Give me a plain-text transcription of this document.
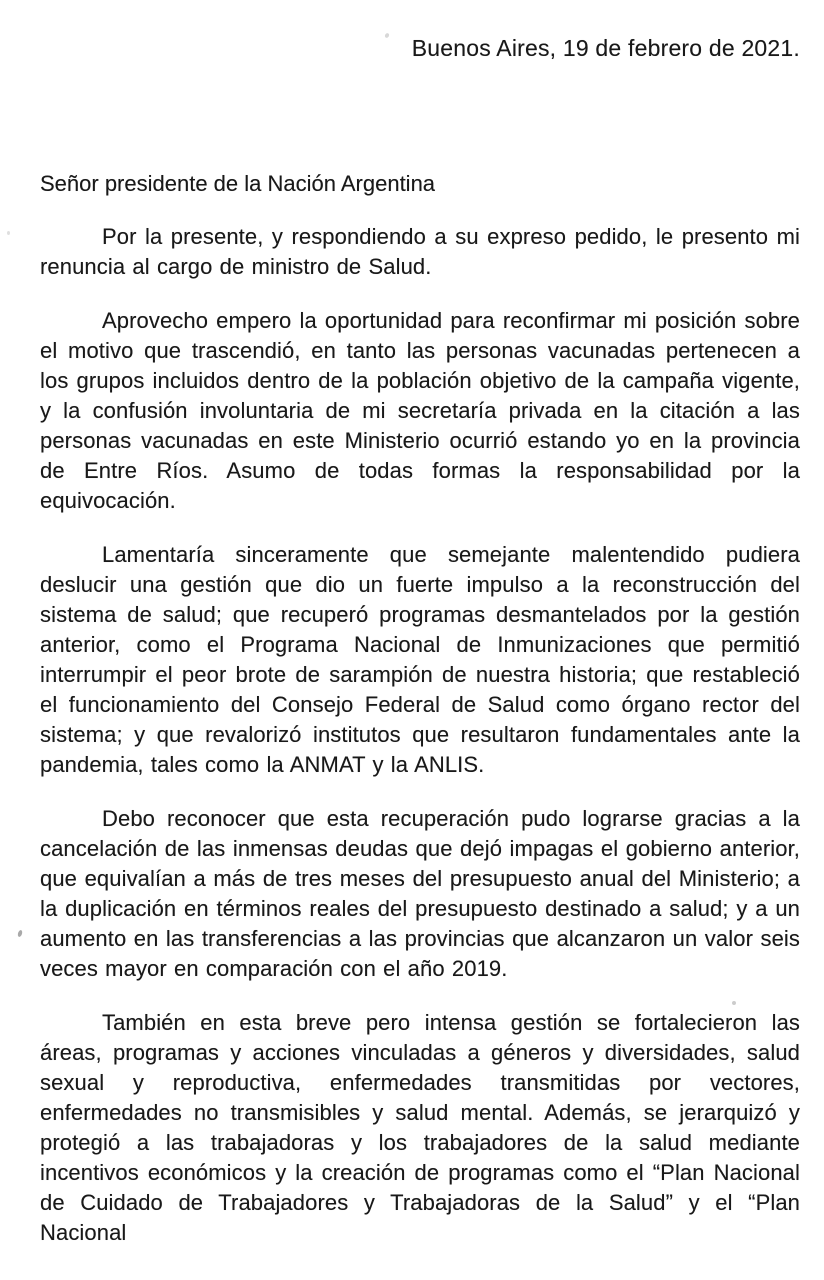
Buenos Aires, 19 de febrero de 2021.
Señor presidente de la Nación Argentina

Por la presente, y respondiendo a su expreso pedido, le presento mi renuncia al cargo de ministro de Salud.

Aprovecho empero la oportunidad para reconfirmar mi posición sobre el motivo que trascendió, en tanto las personas vacunadas pertenecen a los grupos incluidos dentro de la población objetivo de la campaña vigente, y la confusión involuntaria de mi secretaría privada en la citación a las personas vacunadas en este Ministerio ocurrió estando yo en la provincia de Entre Ríos. Asumo de todas formas la responsabilidad por la equivocación.

Lamentaría sinceramente que semejante malentendido pudiera deslucir una gestión que dio un fuerte impulso a la reconstrucción del sistema de salud; que recuperó programas desmantelados por la gestión anterior, como el Programa Nacional de Inmunizaciones que permitió interrumpir el peor brote de sarampión de nuestra historia; que restableció el funcionamiento del Consejo Federal de Salud como órgano rector del sistema; y que revalorizó institutos que resultaron fundamentales ante la pandemia, tales como la ANMAT y la ANLIS.

Debo reconocer que esta recuperación pudo lograrse gracias a la cancelación de las inmensas deudas que dejó impagas el gobierno anterior, que equivalían a más de tres meses del presupuesto anual del Ministerio; a la duplicación en términos reales del presupuesto destinado a salud; y a un aumento en las transferencias a las provincias que alcanzaron un valor seis veces mayor en comparación con el año 2019.

También en esta breve pero intensa gestión se fortalecieron las áreas, programas y acciones vinculadas a géneros y diversidades, salud sexual y reproductiva, enfermedades transmitidas por vectores, enfermedades no transmisibles y salud mental. Además, se jerarquizó y protegió a las trabajadoras y los trabajadores de la salud mediante incentivos económicos y la creación de programas como el “Plan Nacional de Cuidado de Trabajadores y Trabajadoras de la Salud” y el “Plan Nacional
